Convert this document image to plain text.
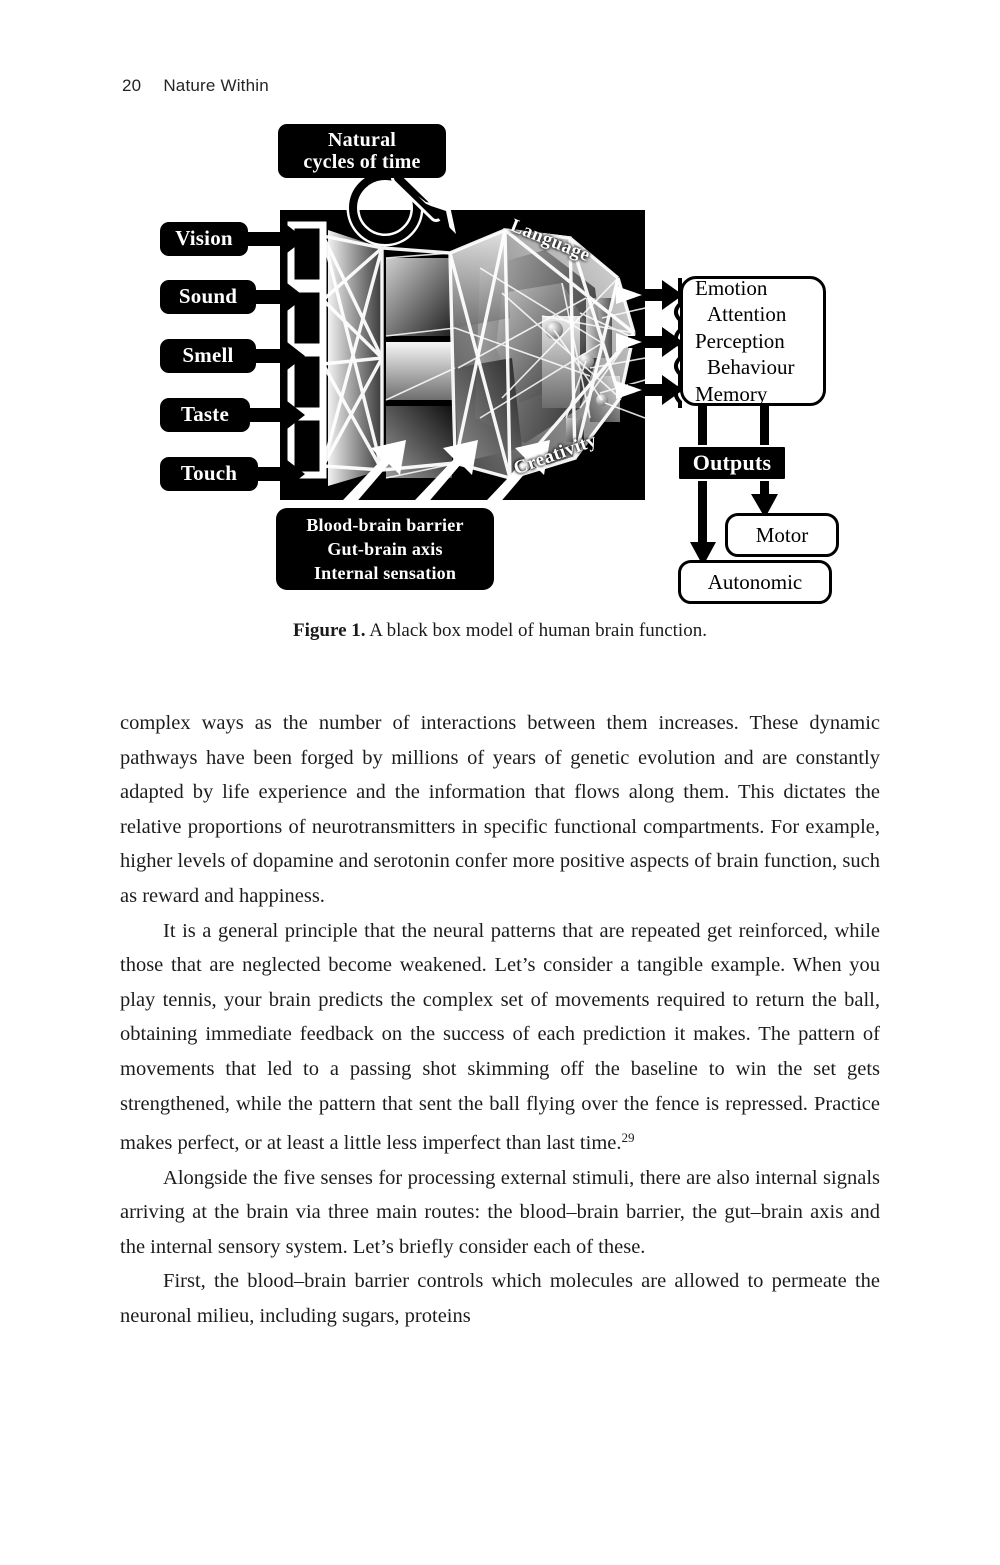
20 Nature Within
Natural
cycles of time
Vision
Sound
Smell
Taste
Touch
Blood-brain barrier
Gut-brain axis
Internal sensation
Language
Creativity
Emotion
Attention
Perception
Behaviour
Memory
Outputs
Motor
Autonomic
Figure 1. A black box model of human brain function.

complex ways as the number of interactions between them increases. These dynamic pathways have been forged by millions of years of genetic evolution and are constantly adapted by life experience and the information that flows along them. This dictates the relative proportions of neurotransmitters in specific functional compartments. For example, higher levels of dopamine and serotonin confer more positive aspects of brain function, such as reward and happiness.

It is a general principle that the neural patterns that are repeated get reinforced, while those that are neglected become weakened. Let’s consider a tangible example. When you play tennis, your brain predicts the complex set of movements required to return the ball, obtaining immediate feedback on the success of each prediction it makes. The pattern of movements that led to a passing shot skimming off the baseline to win the set gets strengthened, while the pattern that sent the ball flying over the fence is repressed. Practice makes perfect, or at least a little less imperfect than last time.$^{29}$

Alongside the five senses for processing external stimuli, there are also internal signals arriving at the brain via three main routes: the blood–brain barrier, the gut–brain axis and the internal sensory system. Let’s briefly consider each of these.

First, the blood–brain barrier controls which molecules are allowed to permeate the neuronal milieu, including sugars, proteins
